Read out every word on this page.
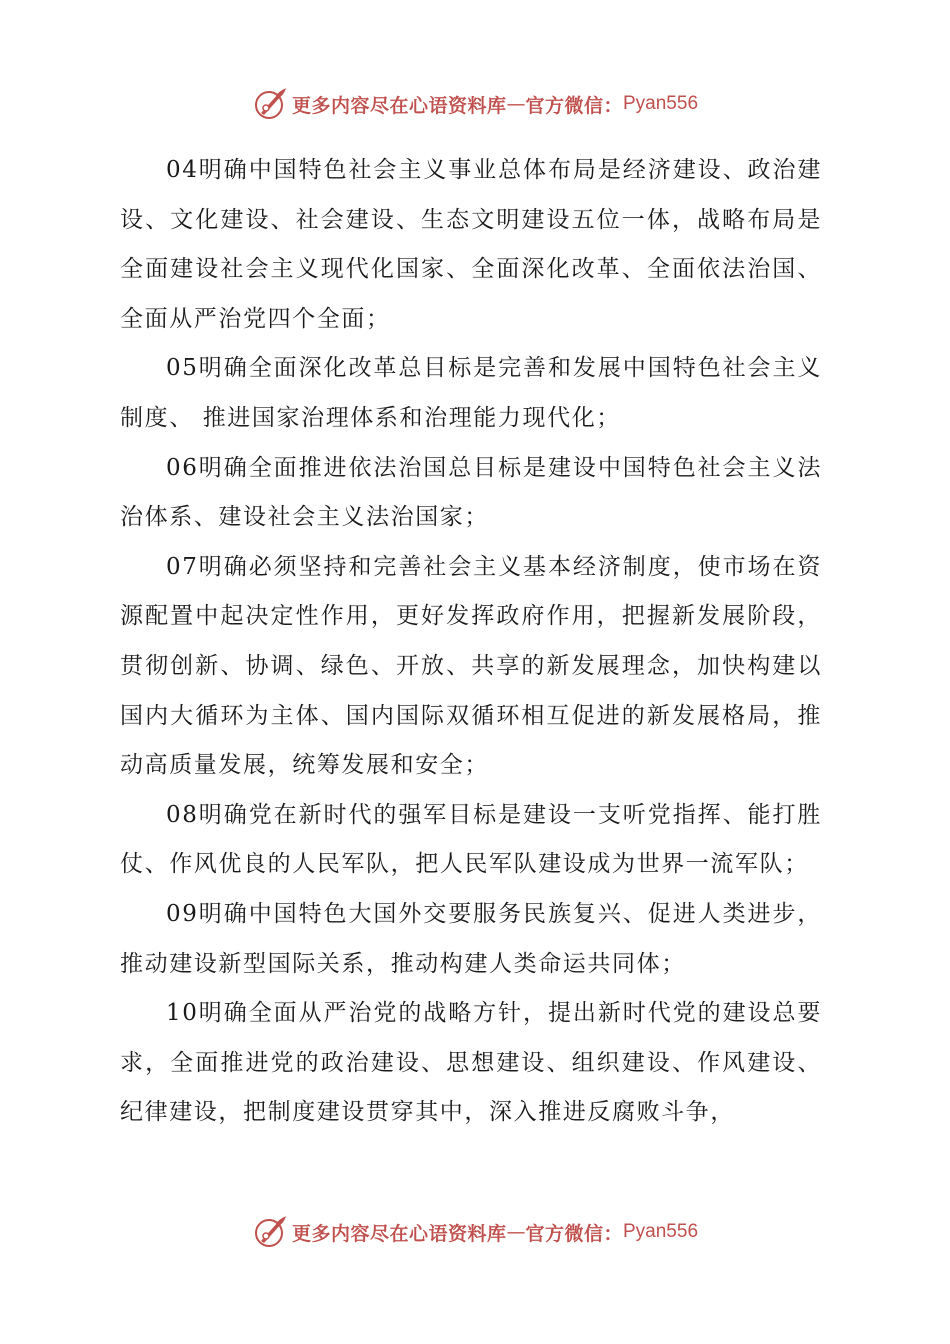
更多内容尽在心语资料库 — 官方微信： Pyan556

04明确中国特色社会主义事业总体布局是经济建设、政治建设、文化建设、社会建设、生态文明建设五位一体，战略布局是全面建设社会主义现代化国家、全面深化改革、全面依法治国、全面从严治党四个全面；

05明确全面深化改革总目标是完善和发展中国特色社会主义制度、 推进国家治理体系和治理能力现代化；

06明确全面推进依法治国总目标是建设中国特色社会主义法治体系、建设社会主义法治国家；

07明确必须坚持和完善社会主义基本经济制度，使市场在资源配置中起决定性作用，更好发挥政府作用，把握新发展阶段，贯彻创新、协调、绿色、开放、共享的新发展理念，加快构建以国内大循环为主体、国内国际双循环相互促进的新发展格局，推动高质量发展，统筹发展和安全；

08明确党在新时代的强军目标是建设一支听党指挥、能打胜仗、作风优良的人民军队，把人民军队建设成为世界一流军队；

09明确中国特色大国外交要服务民族复兴、促进人类进步，推动建设新型国际关系，推动构建人类命运共同体；

10明确全面从严治党的战略方针，提出新时代党的建设总要求，全面推进党的政治建设、思想建设、组织建设、作风建设、纪律建设，把制度建设贯穿其中，深入推进反腐败斗争，

更多内容尽在心语资料库 — 官方微信： Pyan556
